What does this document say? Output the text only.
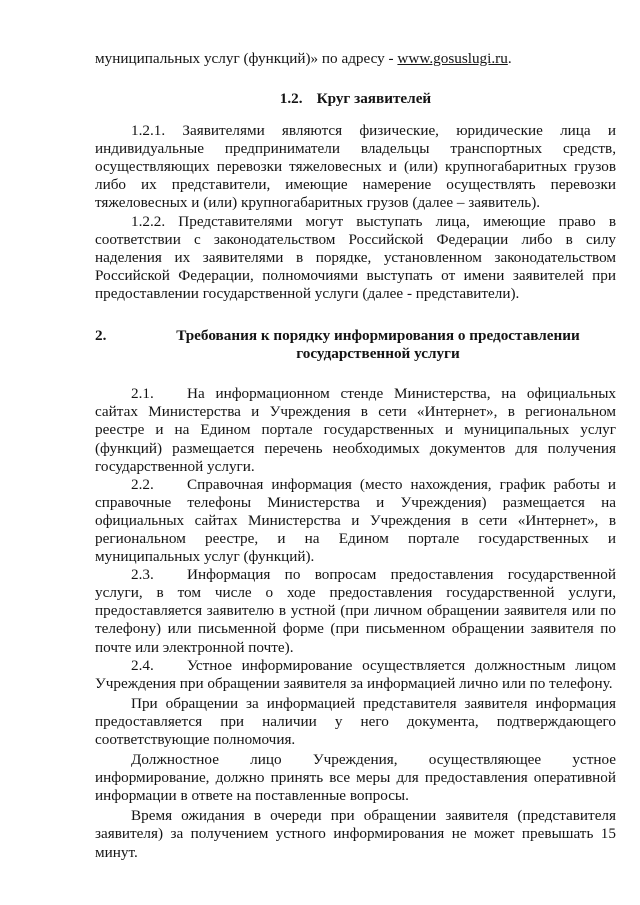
муниципальных услуг (функций)» по адресу - www.gosuslugi.ru.

1.2. Круг заявителей

1.2.1. Заявителями являются физические, юридические лица и индивидуальные предприниматели владельцы транспортных средств, осуществляющих перевозки тяжеловесных и (или) крупногабаритных грузов либо их представители, имеющие намерение осуществлять перевозки тяжеловесных и (или) крупногабаритных грузов (далее – заявитель).

1.2.2. Представителями могут выступать лица, имеющие право в соответствии с законодательством Российской Федерации либо в силу наделения их заявителями в порядке, установленном законодательством Российской Федерации, полномочиями выступать от имени заявителей при предоставлении государственной услуги (далее - представители).

2.	Требования к порядку информирования о предоставлении государственной услуги

2.1. На информационном стенде Министерства, на официальных сайтах Министерства и Учреждения в сети «Интернет», в региональном реестре и на Едином портале государственных и муниципальных услуг (функций) размещается перечень необходимых документов для получения государственной услуги.

2.2. Справочная информация (место нахождения, график работы и справочные телефоны Министерства и Учреждения) размещается на официальных сайтах Министерства и Учреждения в сети «Интернет», в региональном реестре, и на Едином портале государственных и муниципальных услуг (функций).

2.3. Информация по вопросам предоставления государственной услуги, в том числе о ходе предоставления государственной услуги, предоставляется заявителю в устной (при личном обращении заявителя или по телефону) или письменной форме (при письменном обращении заявителя по почте или электронной почте).

2.4. Устное информирование осуществляется должностным лицом Учреждения при обращении заявителя за информацией лично или по телефону.

При обращении за информацией представителя заявителя информация предоставляется при наличии у него документа, подтверждающего соответствующие полномочия.

Должностное лицо Учреждения, осуществляющее устное информирование, должно принять все меры для предоставления оперативной информации в ответе на поставленные вопросы.

Время ожидания в очереди при обращении заявителя (представителя заявителя) за получением устного информирования не может превышать 15 минут.
